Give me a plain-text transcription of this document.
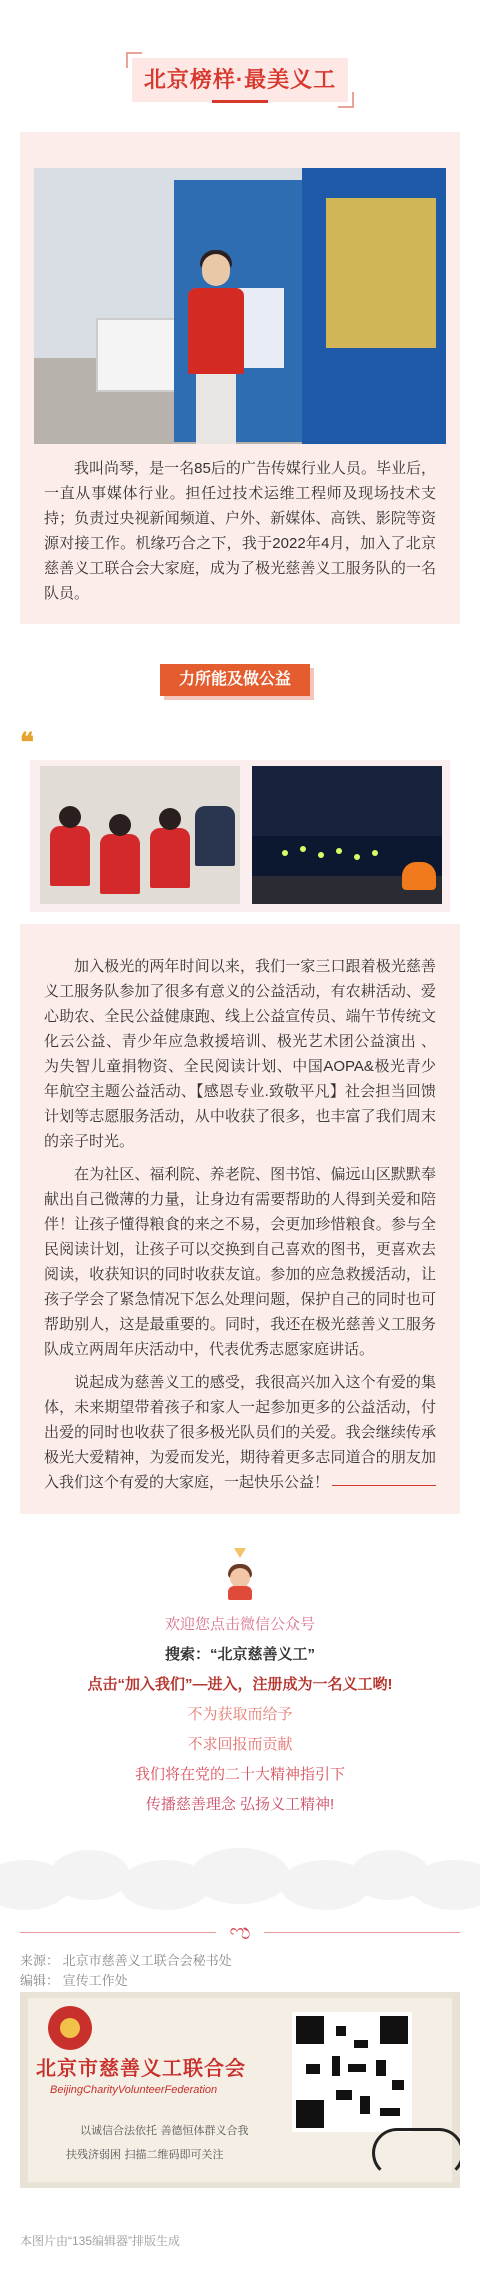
北京榜样·最美义工
我叫尚琴，是一名85后的广告传媒行业人员。毕业后，一直从事媒体行业。担任过技术运维工程师及现场技术支持；负责过央视新闻频道、户外、新媒体、高铁、影院等资源对接工作。机缘巧合之下，我于2022年4月，加入了北京慈善义工联合会大家庭，成为了极光慈善义工服务队的一名队员。
力所能及做公益
❝

加入极光的两年时间以来，我们一家三口跟着极光慈善义工服务队参加了很多有意义的公益活动，有农耕活动、爱心助农、全民公益健康跑、线上公益宣传员、端午节传统文化云公益、青少年应急救援培训、极光艺术团公益演出 、为失智儿童捐物资、全民阅读计划、中国AOPA&极光青少年航空主题公益活动、【感恩专业.致敬平凡】社会担当回馈计划等志愿服务活动，从中收获了很多，也丰富了我们周末的亲子时光。

在为社区、福利院、养老院、图书馆、偏远山区默默奉献出自己微薄的力量，让身边有需要帮助的人得到关爱和陪伴！让孩子懂得粮食的来之不易，会更加珍惜粮食。参与全民阅读计划，让孩子可以交换到自己喜欢的图书，更喜欢去阅读，收获知识的同时收获友谊。参加的应急救援活动，让孩子学会了紧急情况下怎么处理问题，保护自己的同时也可帮助别人，这是最重要的。同时，我还在极光慈善义工服务队成立两周年庆活动中，代表优秀志愿家庭讲话。

说起成为慈善义工的感受，我很高兴加入这个有爱的集体，未来期望带着孩子和家人一起参加更多的公益活动，付出爱的同时也收获了很多极光队员们的关爱。我会继续传承极光大爱精神，为爱而发光，期待着更多志同道合的朋友加入我们这个有爱的大家庭，一起快乐公益！

欢迎您点击微信公众号
搜索：“北京慈善义工”
点击“加入我们”—进入，注册成为一名义工哟!
不为获取而给予
不求回报而贡献
我们将在党的二十大精神指引下
传播慈善理念 弘扬义工精神!
ಌ
来源： 北京市慈善义工联合会秘书处
编辑： 宣传工作处
北京市慈善义工联合会
BeijingCharityVolunteerFederation
以诚信合法依托 善德恒体群义合我
扶残济弱困 扫描二维码即可关注
本图片由“135编辑器”排版生成
